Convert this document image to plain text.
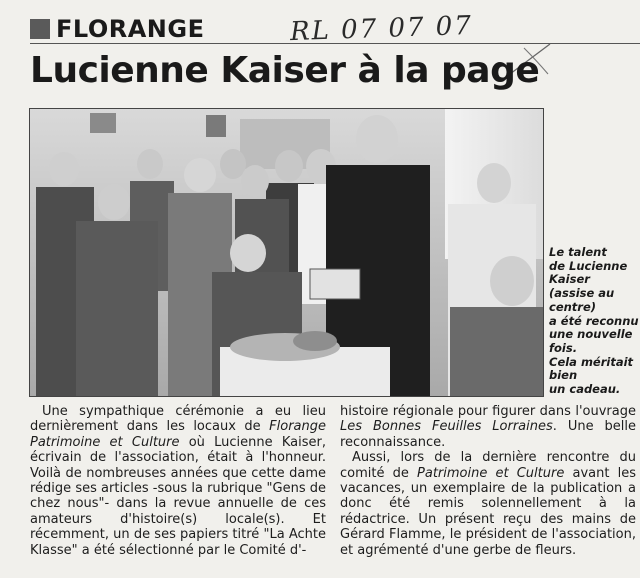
FLORANGE	RL 07 07 07
Lucienne Kaiser à la page
Le talent
de Lucienne
Kaiser
(assise au
centre)
a été reconnu
une nouvelle
fois.
Cela méritait
bien
un cadeau.

Une sympathique cérémonie a eu lieu dernièrement dans les locaux de Florange Patrimoine et Culture où Lucienne Kaiser, écrivain de l'association, était à l'honneur. Voilà de nombreuses années que cette dame rédige ses articles -sous la rubrique "Gens de chez nous"- dans la revue annuelle de ces amateurs d'histoire(s) locale(s). Et récemment, un de ses papiers titré "La Achte Klasse" a été sélectionné par le Comité d'-

histoire régionale pour figurer dans l'ouvrage Les Bonnes Feuilles Lorraines. Une belle reconnaissance.

Aussi, lors de la dernière rencontre du comité de Patrimoine et Culture avant les vacances, un exemplaire de la publication a donc été remis solennellement à la rédactrice. Un présent reçu des mains de Gérard Flamme, le président de l'association, et agrémenté d'une gerbe de fleurs.
